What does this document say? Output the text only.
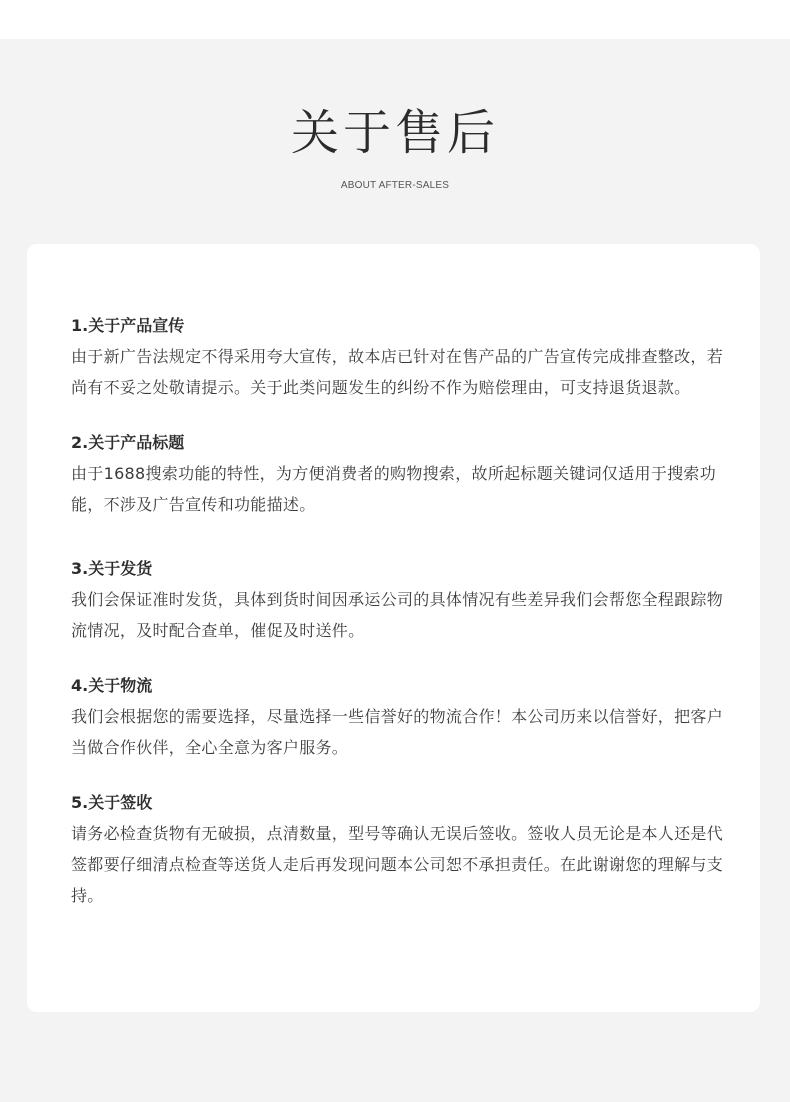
关于售后
ABOUT AFTER-SALES

1.关于产品宣传

由于新广告法规定不得采用夸大宣传，故本店已针对在售产品的广告宣传完成排查整改，若尚有不妥之处敬请提示。关于此类问题发生的纠纷不作为赔偿理由，可支持退货退款。

2.关于产品标题

由于1688搜索功能的特性，为方便消费者的购物搜索，故所起标题关键词仅适用于搜索功能，不涉及广告宣传和功能描述。

3.关于发货

我们会保证准时发货，具体到货时间因承运公司的具体情况有些差异我们会帮您全程跟踪物流情况，及时配合查单，催促及时送件。

4.关于物流

我们会根据您的需要选择，尽量选择一些信誉好的物流合作！本公司历来以信誉好，把客户当做合作伙伴，全心全意为客户服务。

5.关于签收

请务必检查货物有无破损，点清数量，型号等确认无误后签收。签收人员无论是本人还是代签都要仔细清点检查等送货人走后再发现问题本公司恕不承担责任。在此谢谢您的理解与支持。
